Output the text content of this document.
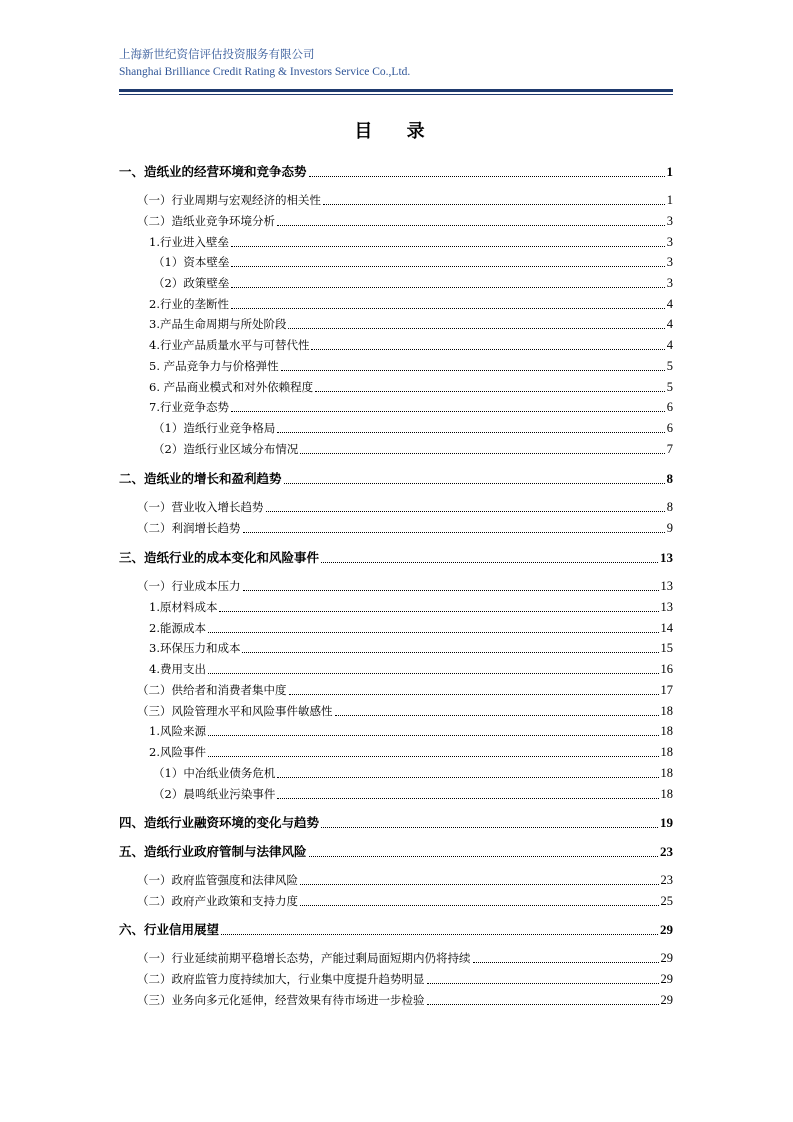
上海新世纪资信评估投资服务有限公司
Shanghai Brilliance Credit Rating & Investors Service Co.,Ltd.
目 录
一、造纸业的经营环境和竞争态势	1
（一）行业周期与宏观经济的相关性	1
（二）造纸业竞争环境分析	3
1.行业进入壁垒	3
（1）资本壁垒	3
（2）政策壁垒	3
2.行业的垄断性	4
3.产品生命周期与所处阶段	4
4.行业产品质量水平与可替代性	4
5. 产品竞争力与价格弹性	5
6. 产品商业模式和对外依赖程度	5
7.行业竞争态势	6
（1）造纸行业竞争格局	6
（2）造纸行业区域分布情况	7
二、造纸业的增长和盈利趋势	8
（一）营业收入增长趋势	8
（二）利润增长趋势	9
三、造纸行业的成本变化和风险事件	13
（一）行业成本压力	13
1.原材料成本	13
2.能源成本	14
3.环保压力和成本	15
4.费用支出	16
（二）供给者和消费者集中度	17
（三）风险管理水平和风险事件敏感性	18
1.风险来源	18
2.风险事件	18
（1）中冶纸业债务危机	18
（2）晨鸣纸业污染事件	18
四、造纸行业融资环境的变化与趋势	19
五、造纸行业政府管制与法律风险	23
（一）政府监管强度和法律风险	23
（二）政府产业政策和支持力度	25
六、行业信用展望	29
（一）行业延续前期平稳增长态势，产能过剩局面短期内仍将持续	29
（二）政府监管力度持续加大，行业集中度提升趋势明显	29
（三）业务向多元化延伸，经营效果有待市场进一步检验	29
